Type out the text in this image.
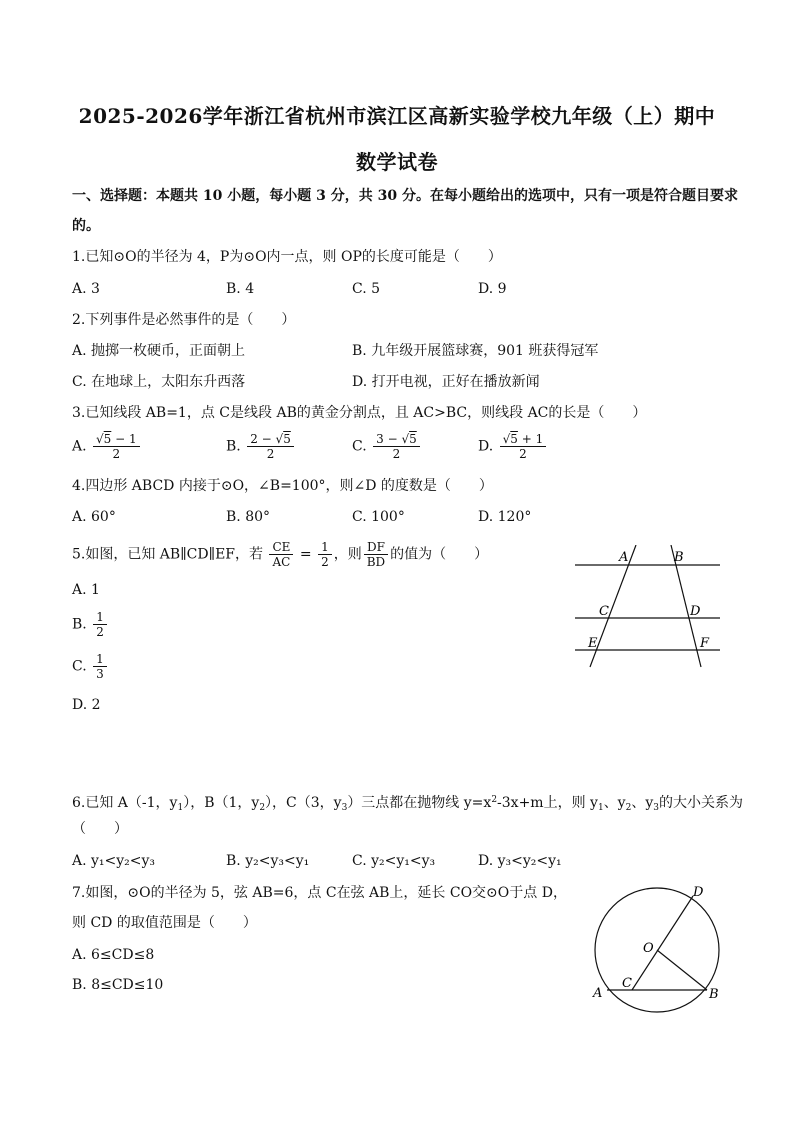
2025-2026学年浙江省杭州市滨江区高新实验学校九年级（上）期中
数学试卷
一、选择题：本题共 10 小题，每小题 3 分，共 30 分。在每小题给出的选项中，只有一项是符合题目要求
的。
1.已知⊙O的半径为 4，P为⊙O内一点，则 OP的长度可能是（　　）
A. 3	B. 4	C. 5	D. 9
2.下列事件是必然事件的是（　　）
A. 抛掷一枚硬币，正面朝上	B. 九年级开展篮球赛，901 班获得冠军
C. 在地球上，太阳东升西落	D. 打开电视，正好在播放新闻
3.已知线段 AB=1，点 C是线段 AB的黄金分割点，且 AC>BC，则线段 AC的长是（　　）
A. $\frac{√5 - 1}{2}$	B. $\frac{2 - √5}{2}$	C. $\frac{3 - √5}{2}$	D. $\frac{√5 + 1}{2}$
4.四边形 ABCD 内接于⊙O，∠B=100°，则∠D 的度数是（　　）
A. 60°	B. 80°	C. 100°	D. 120°
5.如图，已知 AB∥CD∥EF，若 $\frac{CE}{AC} = \frac{1}{2}$ ，则 $\frac{DF}{BD}$ 的值为（　　）
A. 1
B. $\frac{1}{2}$
C. $\frac{1}{3}$
D. 2
A	B
C	D
E	F
6.已知 A（-1，$y_1$），B（1，$y_2$），C（3，$y_3$）三点都在抛物线 $y=x^2-3x+m$上，则 $y_1$、$y_2$、$y_3$的大小关系为
（　　）
A. y₁<y₂<y₃	B. y₂<y₃<y₁	C. y₂<y₁<y₃	D. y₃<y₂<y₁
7.如图，⊙O的半径为 5，弦 AB=6，点 C在弦 AB上，延长 CO交⊙O于点 D，
则 CD 的取值范围是（　　）
A. 6≤CD≤8
B. 8≤CD≤10
D
O
A
C
B
